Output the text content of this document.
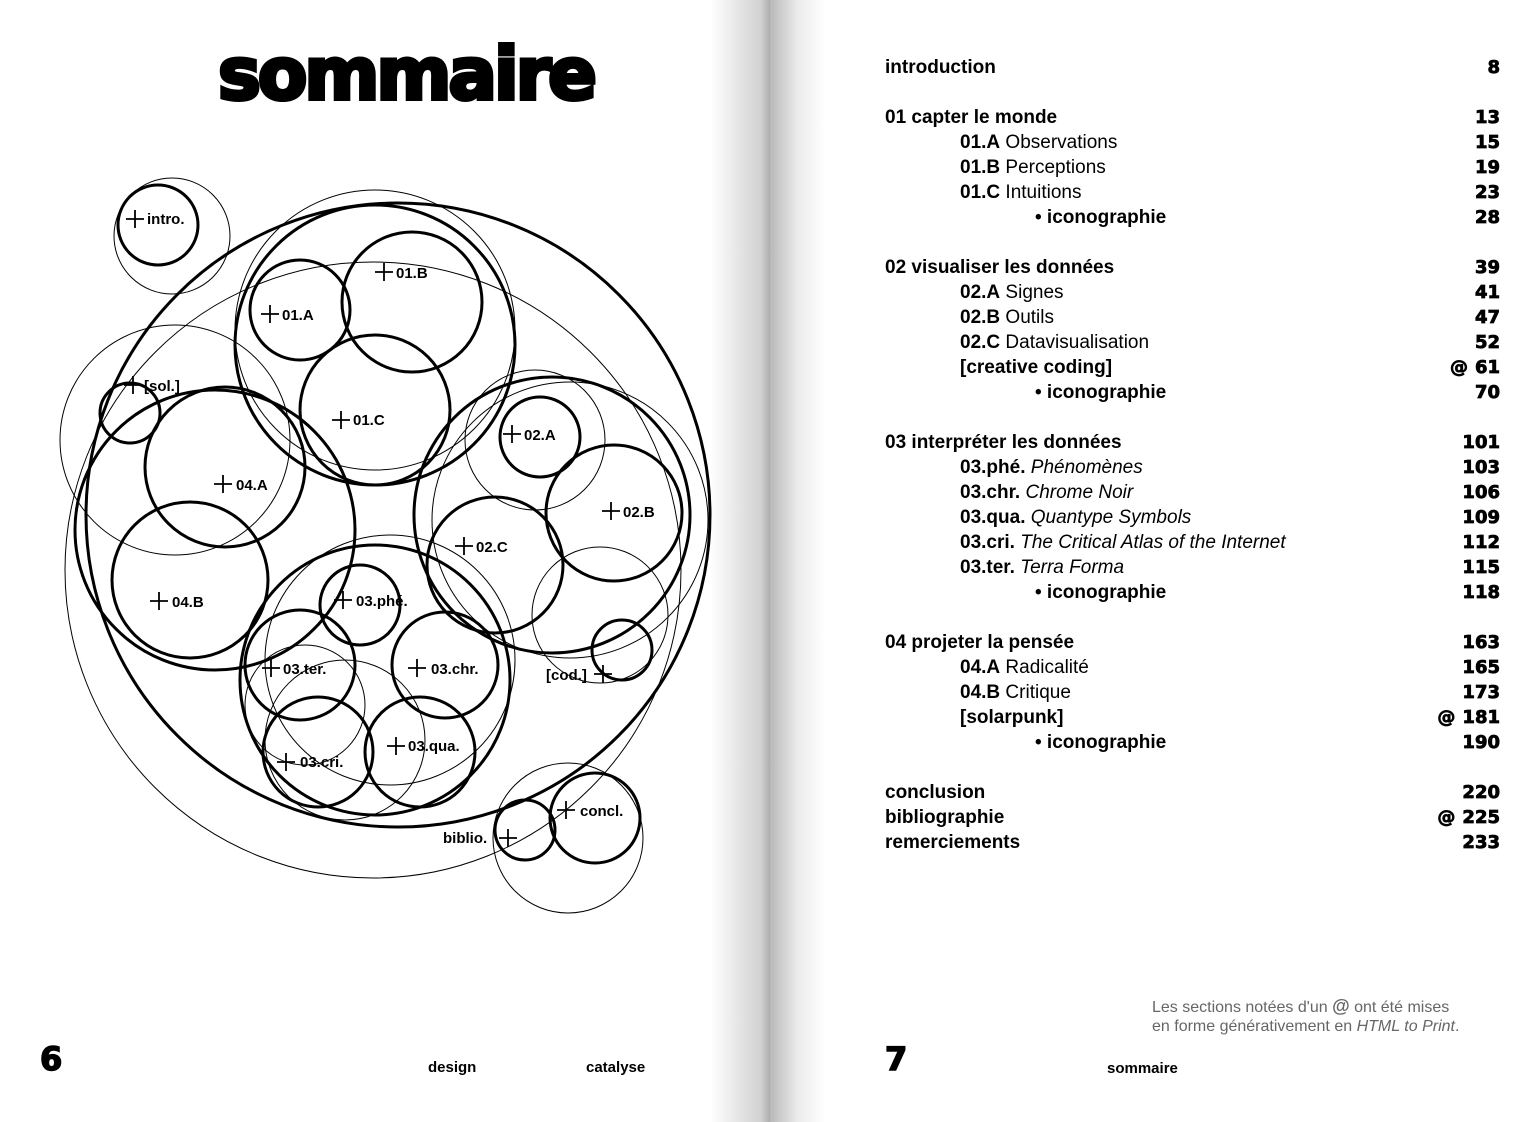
sommaire
intro.
01.B
01.A
[sol.]
01.C
02.A
04.A
02.B
02.C
04.B	03.phé.
03.ter.	03.chr.	[cod.]
03.cri.
03.qua.
concl.
biblio.
6	design	catalyse
introduction	8
01 capter le monde	13
01.A Observations	15
01.B Perceptions	19
01.C Intuitions	23
• iconographie	28
02 visualiser les données	39
02.A Signes	41
02.B Outils	47
02.C Datavisualisation	52
[creative coding]	@ 61
• iconographie	70
03 interpréter les données	101
03.phé. Phénomènes	103
03.chr. Chrome Noir	106
03.qua. Quantype Symbols	109
03.cri. The Critical Atlas of the Internet	112
03.ter. Terra Forma	115
• iconographie	118
04 projeter la pensée	163
04.A Radicalité	165
04.B Critique	173
[solarpunk]	@ 181
• iconographie	190
conclusion	220
bibliographie	@ 225
remerciements	233
Les sections notées d'un @ ont été mises
en forme générativement en HTML to Print.
7	sommaire
